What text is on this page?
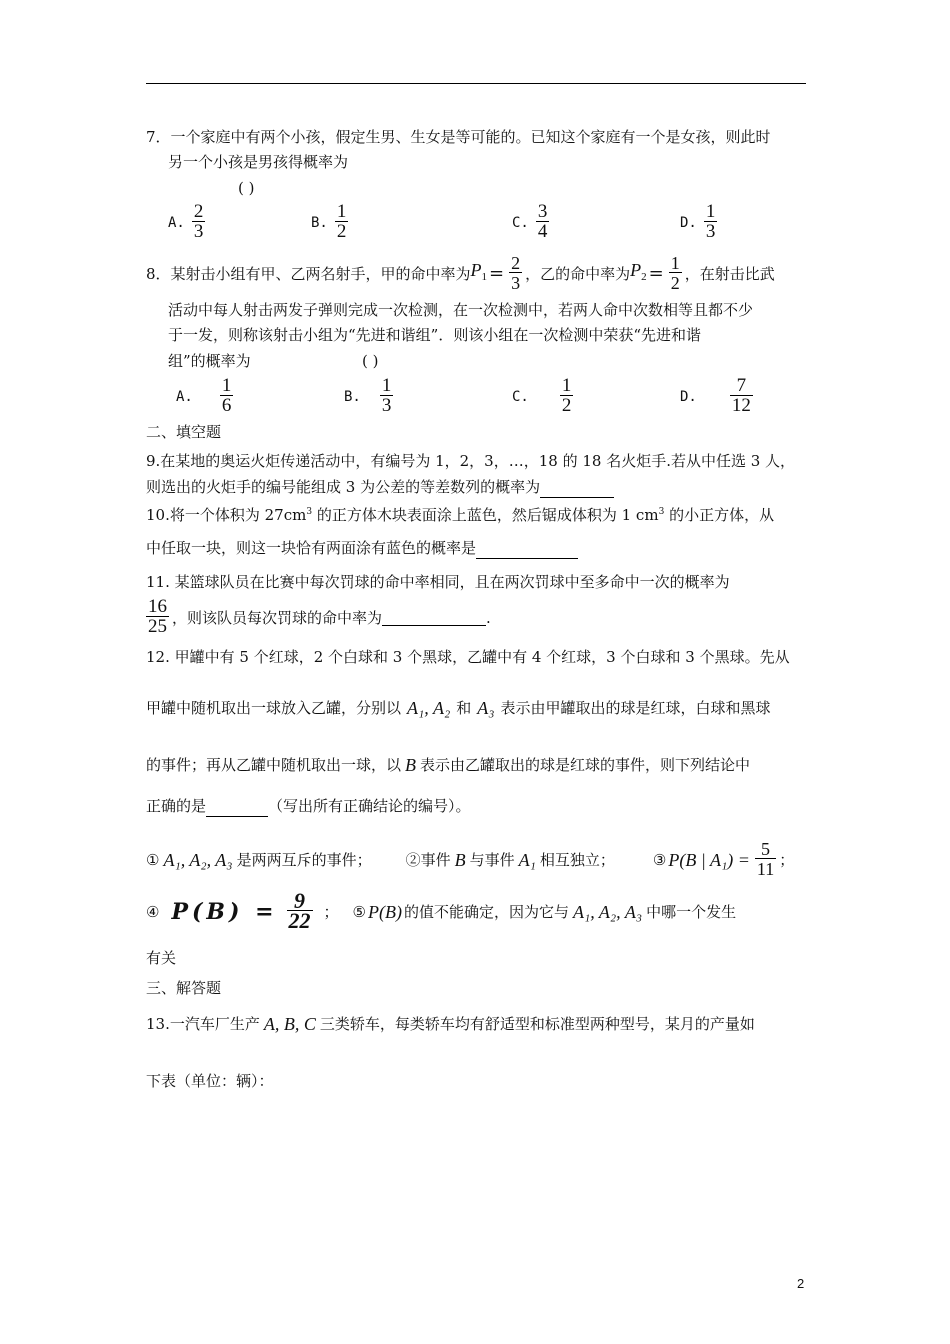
7．一个家庭中有两个小孩，假定生男、生女是等可能的。已知这个家庭有一个是女孩，则此时
另一个小孩是男孩得概率为
( )
A. $\frac{2}{3}$	B. $\frac{1}{2}$	C. $\frac{3}{4}$	D. $\frac{1}{3}$
8．某射击小组有甲、乙两名射手，甲的命中率为 $P_1 = \frac{2}{3}$ ，乙的命中率为 $P_2 = \frac{1}{2}$ ，在射击比武
活动中每人射击两发子弹则完成一次检测，在一次检测中，若两人命中次数相等且都不少
于一发，则称该射击小组为“先进和谐组”．则该小组在一次检测中荣获“先进和谐
组”的概率为	( )
A. $\frac{1}{6}$	B. $\frac{1}{3}$	C. $\frac{1}{2}$	D. $\frac{7}{12}$
二、填空题
9.在某地的奥运火炬传递活动中，有编号为 1，2，3，…，18 的 18 名火炬手.若从中任选 3 人，
则选出的火炬手的编号能组成 3 为公差的等差数列的概率为
10.将一个体积为 $27cm^3$ 的正方体木块表面涂上蓝色，然后锯成体积为 1 $cm^3$ 的小正方体，从
中任取一块，则这一块恰有两面涂有蓝色的概率是
11. 某篮球队员在比赛中每次罚球的命中率相同，且在两次罚球中至多命中一次的概率为
$\frac{16}{25}$ ，则该队员每次罚球的命中率为
	.
12. 甲罐中有 5 个红球，2 个白球和 3 个黑球，乙罐中有 4 个红球，3 个白球和 3 个黑球。先从
甲罐中随机取出一球放入乙罐，分别以 A₁, A₂ 和 A₃ 表示由甲罐取出的球是红球，白球和黑球
的事件；再从乙罐中随机取出一球，以 B 表示由乙罐取出的球是红球的事件，则下列结论中
正确的是	（写出所有正确结论的编号）。
① A₁, A₂, A₃ 是两两互斥的事件； ②事件 B 与事件 A₁ 相互独立；	③ P(B | $A_1) = \frac{5}{11}$ ；
④ $P(B) = \frac{9}{22}$ ； ⑤ P(B) 的值不能确定，因为它与 A₁, A₂, A₃ 中哪一个发生
有关
三、解答题
13.一汽车厂生产 A, B, C 三类轿车，每类轿车均有舒适型和标准型两种型号，某月的产量如
下表（单位：辆）：
2
